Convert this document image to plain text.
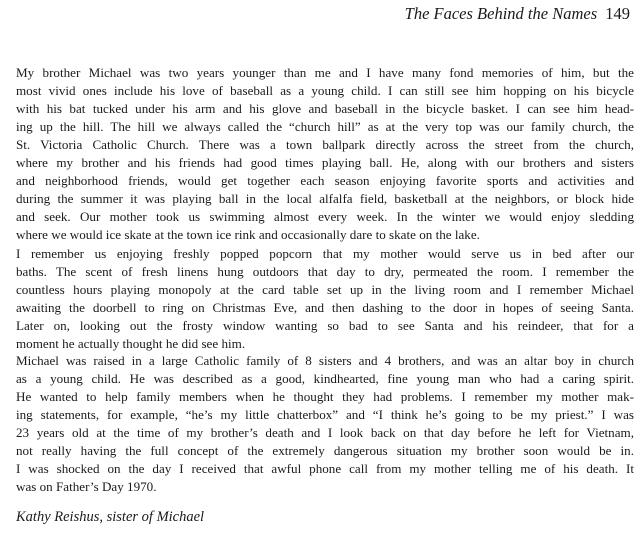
The Faces Behind the Names 149

My brother Michael was two years younger than me and I have many fond memories of him, but the
most vivid ones include his love of baseball as a young child. I can still see him hopping on his bicycle
with his bat tucked under his arm and his glove and baseball in the bicycle basket. I can see him head-
ing up the hill. The hill we always called the “church hill” as at the very top was our family church, the
St. Victoria Catholic Church. There was a town ballpark directly across the street from the church,
where my brother and his friends had good times playing ball. He, along with our brothers and sisters
and neighborhood friends, would get together each season enjoying favorite sports and activities and
during the summer it was playing ball in the local alfalfa field, basketball at the neighbors, or block hide
and seek. Our mother took us swimming almost every week. In the winter we would enjoy sledding
where we would ice skate at the town ice rink and occasionally dare to skate on the lake.

I remember us enjoying freshly popped popcorn that my mother would serve us in bed after our
baths. The scent of fresh linens hung outdoors that day to dry, permeated the room. I remember the
countless hours playing monopoly at the card table set up in the living room and I remember Michael
awaiting the doorbell to ring on Christmas Eve, and then dashing to the door in hopes of seeing Santa.
Later on, looking out the frosty window wanting so bad to see Santa and his reindeer, that for a
moment he actually thought he did see him.

Michael was raised in a large Catholic family of 8 sisters and 4 brothers, and was an altar boy in church
as a young child. He was described as a good, kindhearted, fine young man who had a caring spirit.
He wanted to help family members when he thought they had problems. I remember my mother mak-
ing statements, for example, “he’s my little chatterbox” and “I think he’s going to be my priest.” I was
23 years old at the time of my brother’s death and I look back on that day before he left for Vietnam,
not really having the full concept of the extremely dangerous situation my brother soon would be in.
I was shocked on the day I received that awful phone call from my mother telling me of his death. It
was on Father’s Day 1970.

Kathy Reishus, sister of Michael
